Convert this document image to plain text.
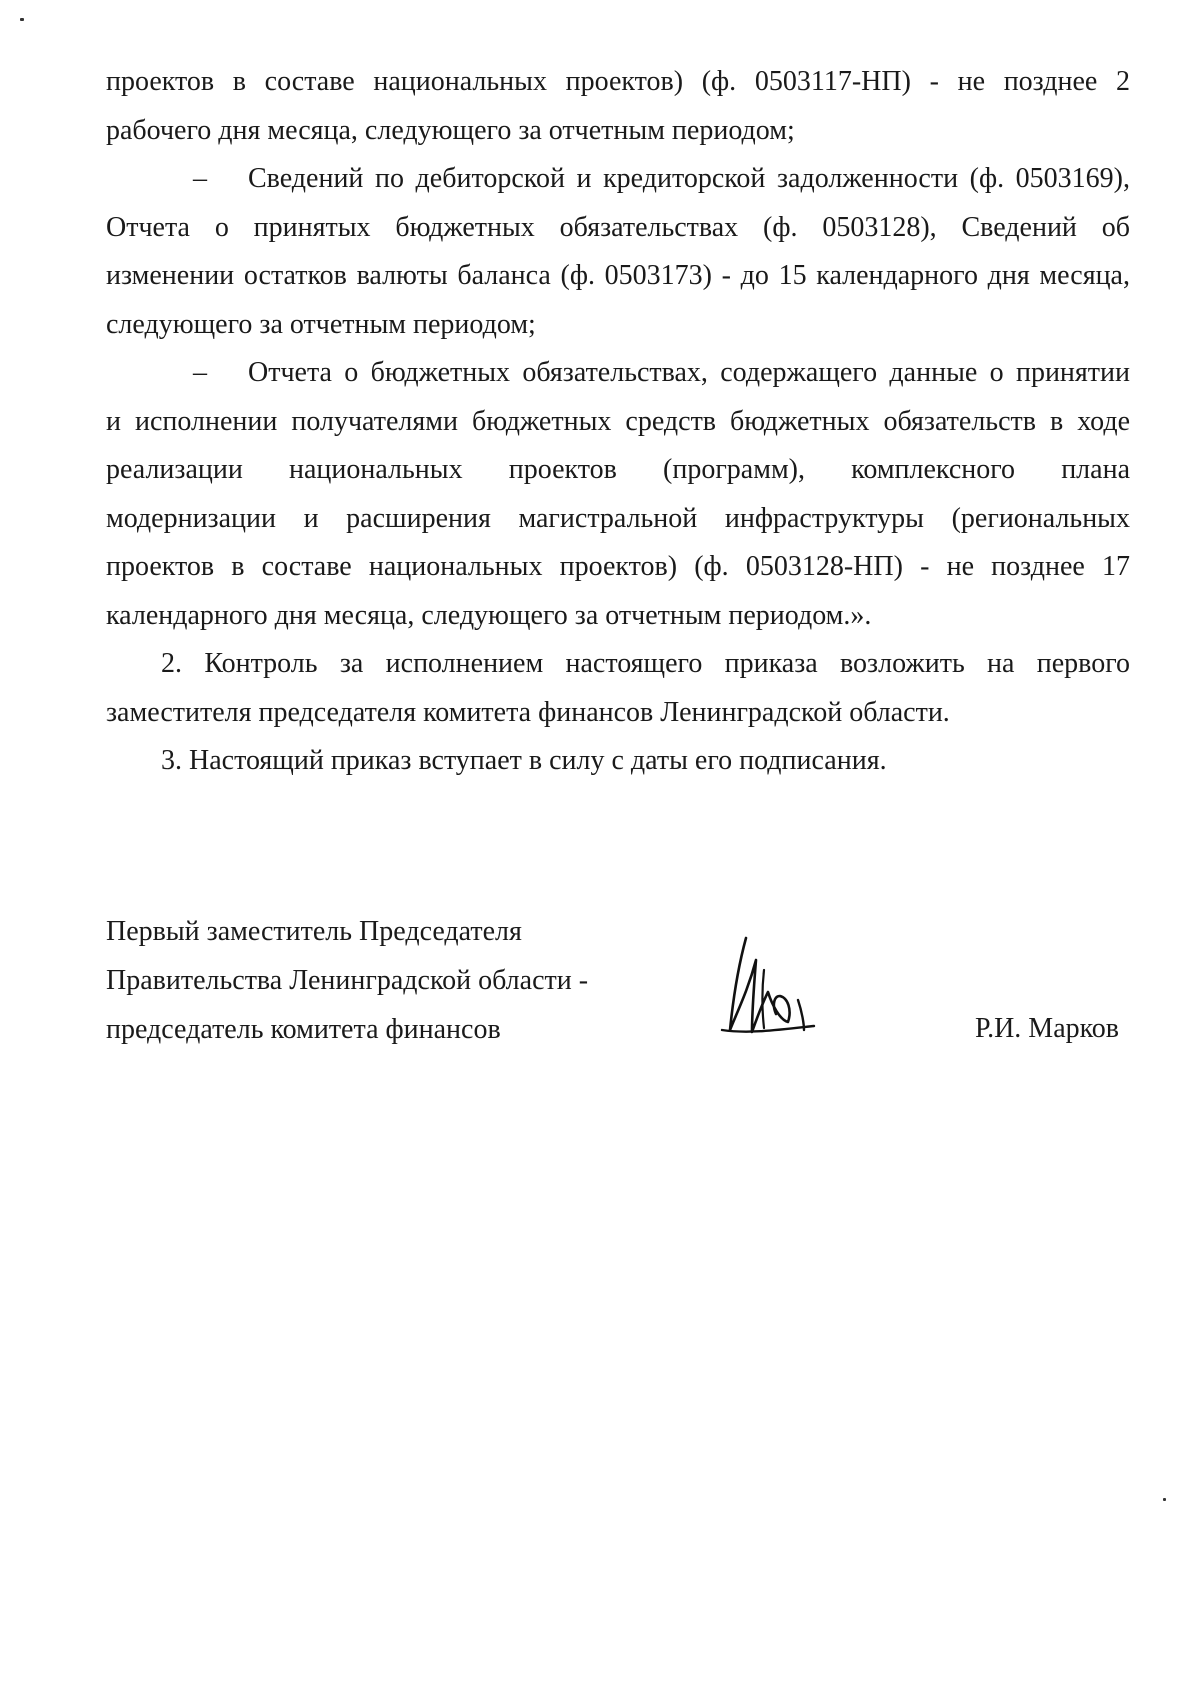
проектов в составе национальных проектов) (ф. 0503117-НП) - не позднее 2
рабочего дня месяца, следующего за отчетным периодом;
– Сведений по дебиторской и кредиторской задолженности (ф. 0503169),
Отчета о принятых бюджетных обязательствах (ф. 0503128), Сведений об
изменении остатков валюты баланса (ф. 0503173) - до 15 календарного дня месяца,
следующего за отчетным периодом;
– Отчета о бюджетных обязательствах, содержащего данные о принятии
и исполнении получателями бюджетных средств бюджетных обязательств в ходе
реализации национальных проектов (программ), комплексного плана
модернизации и расширения магистральной инфраструктуры (региональных
проектов в составе национальных проектов) (ф. 0503128-НП) - не позднее 17
календарного дня месяца, следующего за отчетным периодом.».
2. Контроль за исполнением настоящего приказа возложить на первого
заместителя председателя комитета финансов Ленинградской области.
3. Настоящий приказ вступает в силу с даты его подписания.
Первый заместитель Председателя
Правительства Ленинградской области -
председатель комитета финансов	Р.И. Марков
